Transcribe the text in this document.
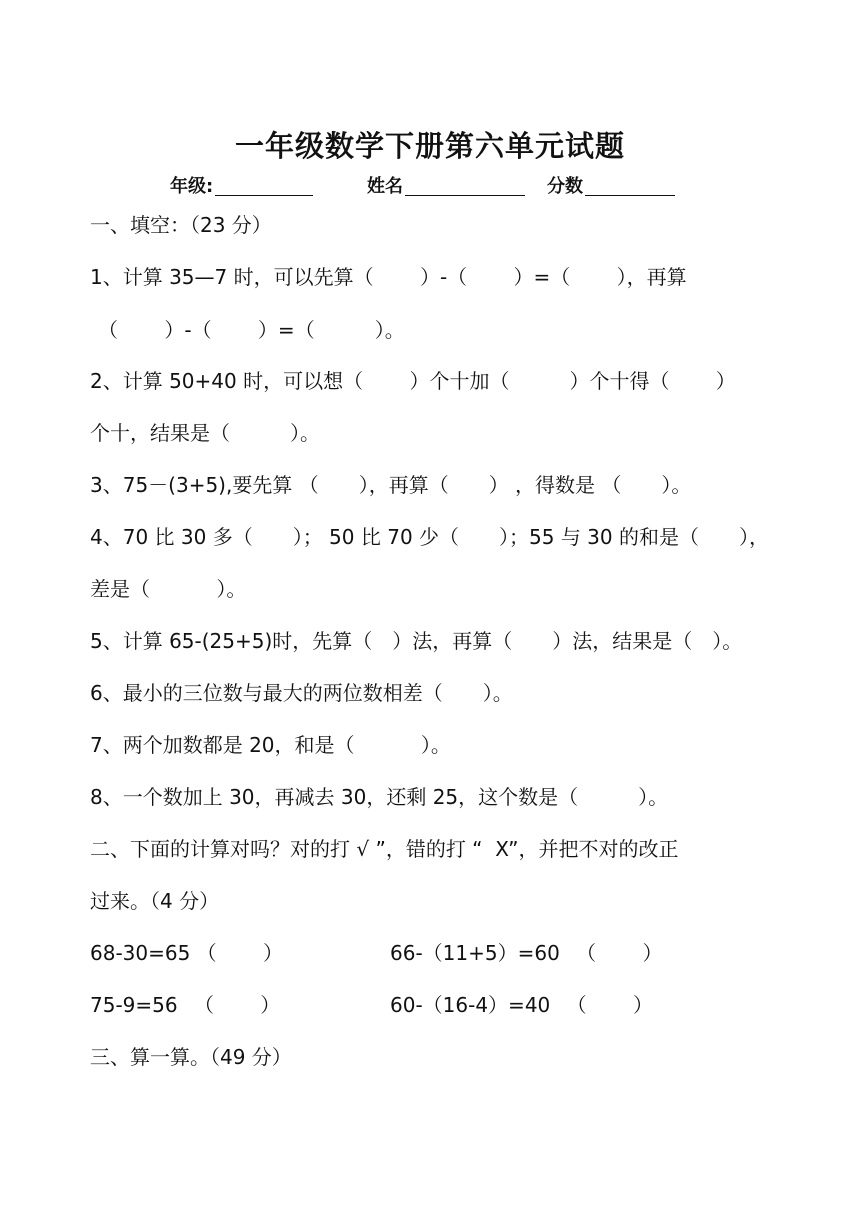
一年级数学下册第六单元试题
年级:	姓名	分数
一、填空：（23 分）
1、计算 35—7 时，可以先算（　　 ）-（　　 ）=（　　 ），再算
（　　 ）-（　　 ）=（　　　）。
2、计算 50+40 时，可以想（　　 ）个十加（　　　）个十得（　　 ）
个十，结果是（　　　）。
3、75－(3+5),要先算 （　　），再算（　　） ，得数是 （　　）。
4、70 比 30 多（　　）； 50 比 70 少（　　）；55 与 30 的和是（　　），
差是（　　　 ）。
5、计算 65-(25+5)时，先算（　）法，再算（　　）法，结果是（　）。
6、最小的三位数与最大的两位数相差（　　）。
7、两个加数都是 20，和是（　　　 ）。
8、一个数加上 30，再减去 30，还剩 25，这个数是（　　　）。
二、下面的计算对吗？对的打 √ ”，错的打 “  X”，并把不对的改正
过来。（4 分）
68-30=65 （　　 ）	66-（11+5）=60 　（　　 ）
75-9=56 　（　　 ）	60-（16-4）=40 　（　　 ）
三、算一算。（49 分）
